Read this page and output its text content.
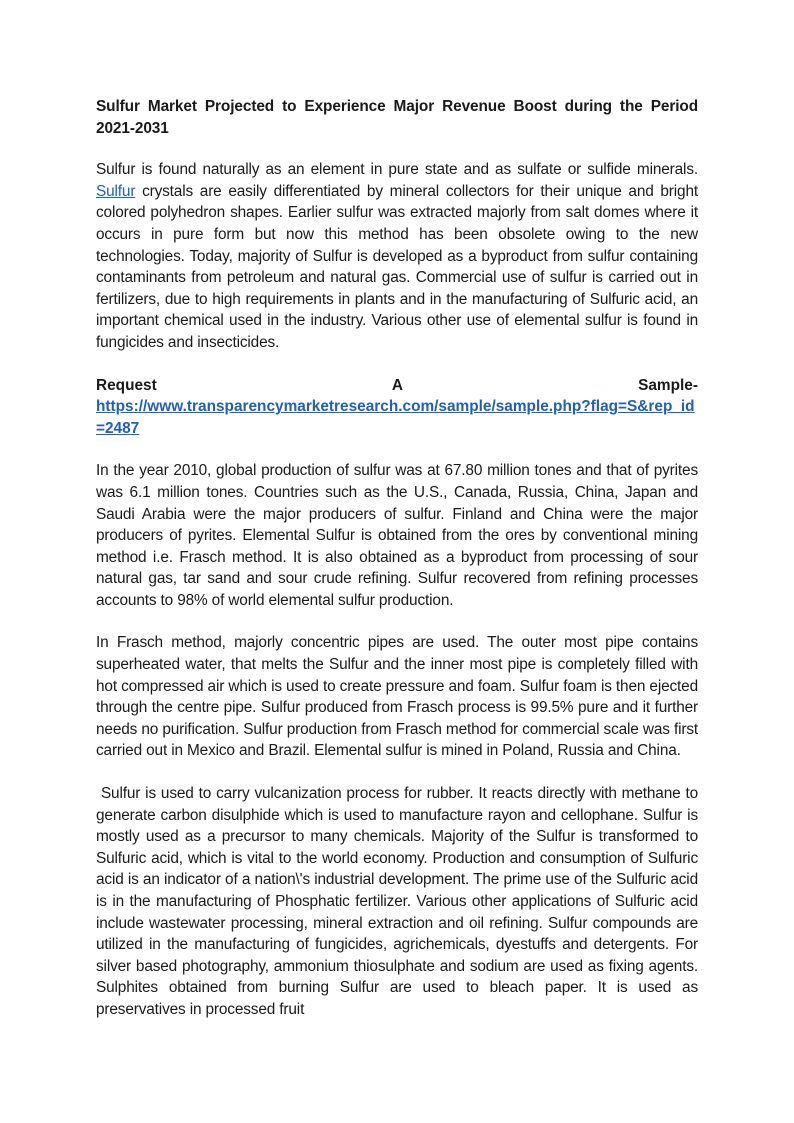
Sulfur Market Projected to Experience Major Revenue Boost during the Period 2021-2031

Sulfur is found naturally as an element in pure state and as sulfate or sulfide minerals. Sulfur crystals are easily differentiated by mineral collectors for their unique and bright colored polyhedron shapes. Earlier sulfur was extracted majorly from salt domes where it occurs in pure form but now this method has been obsolete owing to the new technologies. Today, majority of Sulfur is developed as a byproduct from sulfur containing contaminants from petroleum and natural gas. Commercial use of sulfur is carried out in fertilizers, due to high requirements in plants and in the manufacturing of Sulfuric acid, an important chemical used in the industry. Various other use of elemental sulfur is found in fungicides and insecticides.

Request	A	Sample-
https://www.transparencymarketresearch.com/sample/sample.php?flag=S&rep_id=2487

In the year 2010, global production of sulfur was at 67.80 million tones and that of pyrites was 6.1 million tones. Countries such as the U.S., Canada, Russia, China, Japan and Saudi Arabia were the major producers of sulfur. Finland and China were the major producers of pyrites. Elemental Sulfur is obtained from the ores by conventional mining method i.e. Frasch method. It is also obtained as a byproduct from processing of sour natural gas, tar sand and sour crude refining. Sulfur recovered from refining processes accounts to 98% of world elemental sulfur production.

In Frasch method, majorly concentric pipes are used. The outer most pipe contains superheated water, that melts the Sulfur and the inner most pipe is completely filled with hot compressed air which is used to create pressure and foam. Sulfur foam is then ejected through the centre pipe. Sulfur produced from Frasch process is 99.5% pure and it further needs no purification. Sulfur production from Frasch method for commercial scale was first carried out in Mexico and Brazil. Elemental sulfur is mined in Poland, Russia and China.

Sulfur is used to carry vulcanization process for rubber. It reacts directly with methane to generate carbon disulphide which is used to manufacture rayon and cellophane. Sulfur is mostly used as a precursor to many chemicals. Majority of the Sulfur is transformed to Sulfuric acid, which is vital to the world economy. Production and consumption of Sulfuric acid is an indicator of a nation\'s industrial development. The prime use of the Sulfuric acid is in the manufacturing of Phosphatic fertilizer. Various other applications of Sulfuric acid include wastewater processing, mineral extraction and oil refining. Sulfur compounds are utilized in the manufacturing of fungicides, agrichemicals, dyestuffs and detergents. For silver based photography, ammonium thiosulphate and sodium are used as fixing agents. Sulphites obtained from burning Sulfur are used to bleach paper. It is used as preservatives in processed fruit
